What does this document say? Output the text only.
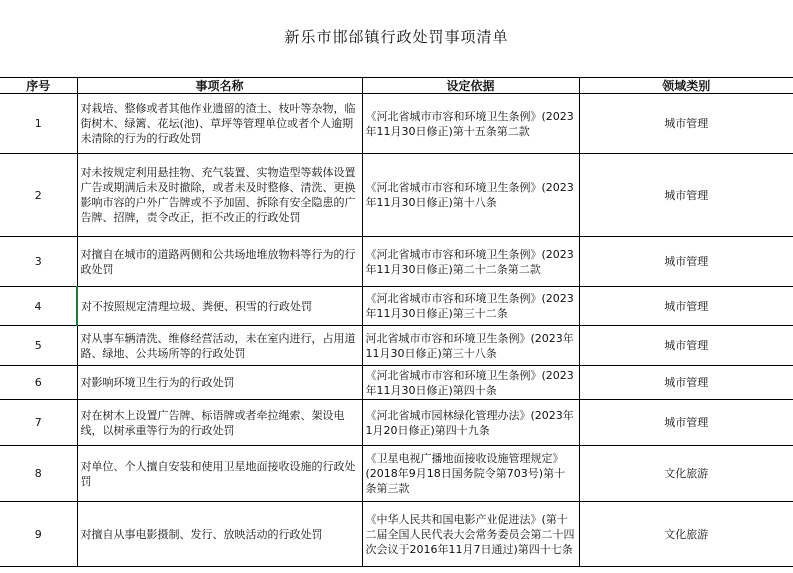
新乐市邯邰镇行政处罚事项清单
序号	事项名称	设定依据	领域类别
1	对栽培、整修或者其他作业遗留的渣土、枝叶等杂物，临街树木、绿篱、花坛(池)、草坪等管理单位或者个人逾期未清除的行为的行政处罚	《河北省城市市容和环境卫生条例》(2023年11月30日修正)第十五条第二款	城市管理
2	对未按规定利用悬挂物、充气装置、实物造型等载体设置广告或期满后未及时撤除，或者未及时整修、清洗、更换影响市容的户外广告牌或不予加固、拆除有安全隐患的广告牌、招牌，责令改正，拒不改正的行政处罚	《河北省城市市容和环境卫生条例》(2023年11月30日修正)第十八条	城市管理
3	对擅自在城市的道路两侧和公共场地堆放物料等行为的行政处罚	《河北省城市市容和环境卫生条例》(2023年11月30日修正)第二十二条第二款	城市管理
4	对不按照规定清理垃圾、粪便、积雪的行政处罚	《河北省城市市容和环境卫生条例》(2023年11月30日修正)第三十二条	城市管理
5	对从事车辆清洗、维修经营活动，未在室内进行，占用道路、绿地、公共场所等的行政处罚	河北省城市市容和环境卫生条例》(2023年11月30日修正)第三十八条	城市管理
6	对影响环境卫生行为的行政处罚	《河北省城市市容和环境卫生条例》(2023年11月30日修正)第四十条	城市管理
7	对在树木上设置广告牌、标语牌或者牵拉绳索、架设电线，以树承重等行为的行政处罚	《河北省城市园林绿化管理办法》(2023年1月20日修正)第四十九条	城市管理
8	对单位、个人擅自安装和使用卫星地面接收设施的行政处罚	《卫星电视广播地面接收设施管理规定》(2018年9月18日国务院令第703号)第十条第三款	文化旅游
9	对擅自从事电影摄制、发行、放映活动的行政处罚	《中华人民共和国电影产业促进法》(第十二届全国人民代表大会常务委员会第二十四次会议于2016年11月7日通过)第四十七条	文化旅游
